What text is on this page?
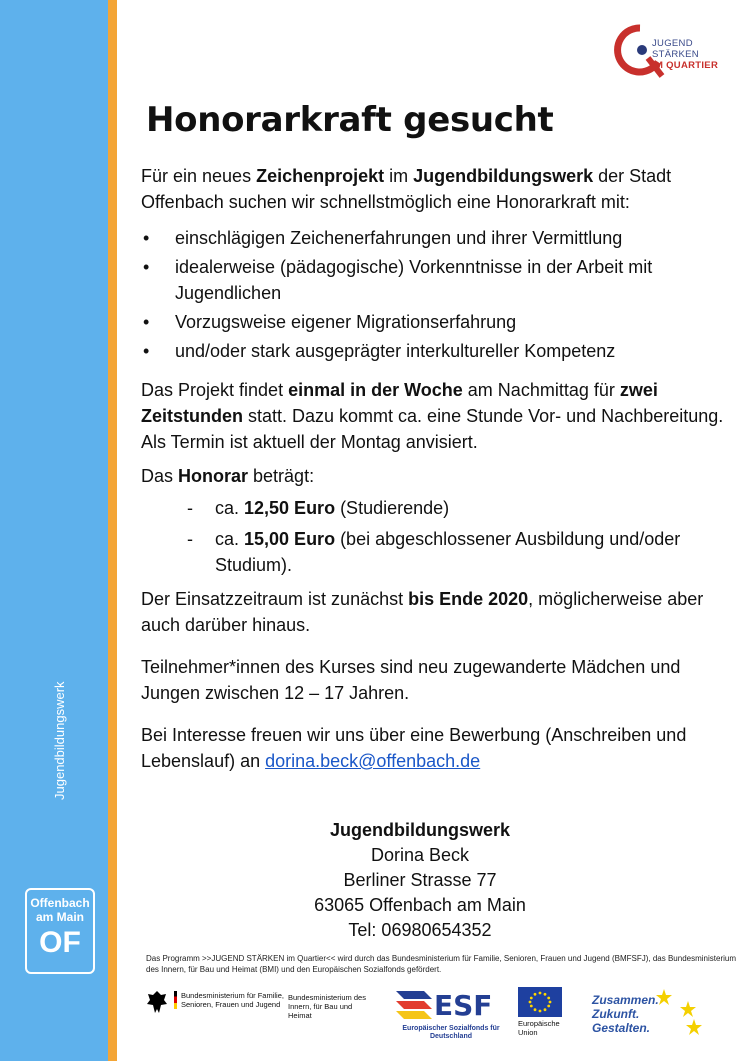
Jugendbildungswerk
Offenbach
am Main
OF
JUGEND
STÄRKEN
IM QUARTIER
Honorarkraft gesucht

Für ein neues Zeichenprojekt im Jugendbildungswerk der Stadt Offenbach suchen wir schnellstmöglich eine Honorarkraft mit:

• einschlägigen Zeichenerfahrungen und ihrer Vermittlung
• idealerweise (pädagogische) Vorkenntnisse in der Arbeit mit Jugendlichen
• Vorzugsweise eigener Migrationserfahrung
• und/oder stark ausgeprägter interkultureller Kompetenz

Das Projekt findet einmal in der Woche am Nachmittag für zwei Zeitstunden statt. Dazu kommt ca. eine Stunde Vor- und Nachbereitung. Als Termin ist aktuell der Montag anvisiert.

Das Honorar beträgt:

- ca. 12,50 Euro (Studierende)
- ca. 15,00 Euro (bei abgeschlossener Ausbildung und/oder Studium).

Der Einsatzzeitraum ist zunächst bis Ende 2020, möglicherweise aber auch darüber hinaus.

Teilnehmer*innen des Kurses sind neu zugewanderte Mädchen und Jungen zwischen 12 – 17 Jahren.

Bei Interesse freuen wir uns über eine Bewerbung (Anschreiben und Lebenslauf) an dorina.beck@offenbach.de

Jugendbildungswerk
Dorina Beck
Berliner Strasse 77
63065 Offenbach am Main
Tel: 06980654352
Das Programm >>JUGEND STÄRKEN im Quartier<< wird durch das Bundesministerium für Familie, Senioren, Frauen und Jugend (BMFSFJ), das Bundesministerium des Innern, für Bau und Heimat (BMI) und den Europäischen Sozialfonds gefördert.
Bundesministerium für Familie, Senioren, Frauen und Jugend
Bundesministerium des Innern, für Bau und Heimat	ESF
Europäischer Sozialfonds für Deutschland
Europäische Union
Zusammen.
Zukunft.
Gestalten.
